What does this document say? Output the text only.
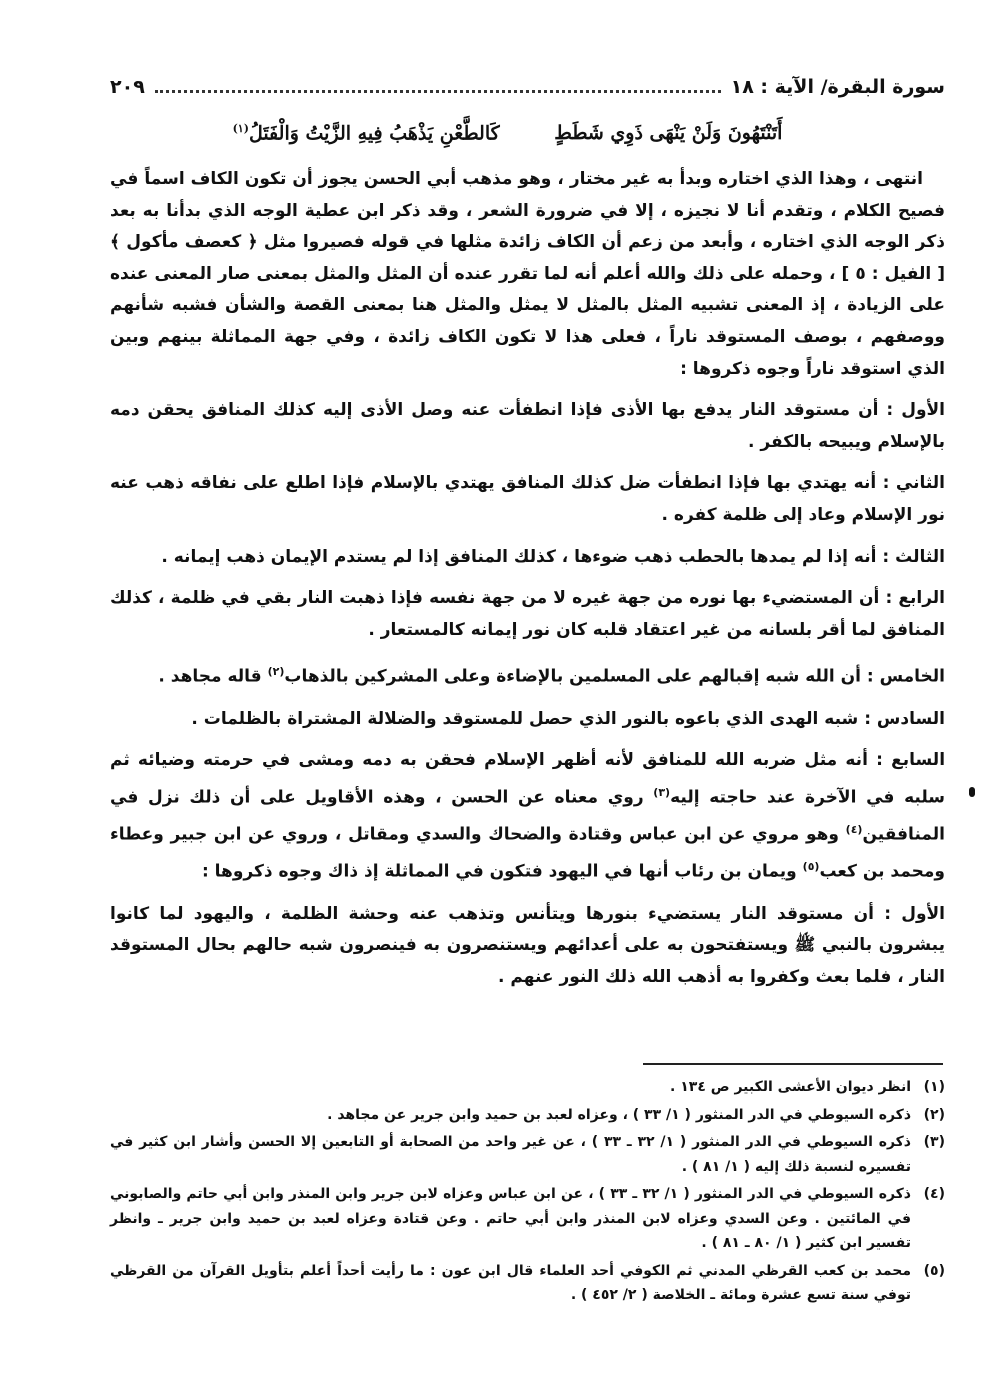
سورة البقرة/ الآية : ١٨
٢٠٩
أَتَنْتَهُونَ وَلَنْ يَنْهَى ذَوِي شَطَطٍ كَالطَّعْنِ يَذْهَبُ فِيهِ الزَّيْتُ وَالْفَتَلُ$^{(١)}$

انتهى ، وهذا الذي اختاره وبدأ به غير مختار ، وهو مذهب أبي الحسن يجوز أن تكون الكاف اسماً في فصيح الكلام ، وتقدم أنا لا نجيزه ، إلا في ضرورة الشعر ، وقد ذكر ابن عطية الوجه الذي بدأنا به بعد ذكر الوجه الذي اختاره ، وأبعد من زعم أن الكاف زائدة مثلها في قوله فصيروا مثل ﴿ كعصف مأكول ﴾ [ الفيل : ٥ ] ، وحمله على ذلك والله أعلم أنه لما تقرر عنده أن المثل والمثل بمعنى صار المعنى عنده على الزيادة ، إذ المعنى تشبيه المثل بالمثل لا يمثل والمثل هنا بمعنى القصة والشأن فشبه شأنهم ووصفهم ، بوصف المستوقد ناراً ، فعلى هذا لا تكون الكاف زائدة ، وفي جهة المماثلة بينهم وبين الذي استوقد ناراً وجوه ذكروها :

الأول : أن مستوقد النار يدفع بها الأذى فإذا انطفأت عنه وصل الأذى إليه كذلك المنافق يحقن دمه بالإسلام ويبيحه بالكفر .

الثاني : أنه يهتدي بها فإذا انطفأت ضل كذلك المنافق يهتدي بالإسلام فإذا اطلع على نفاقه ذهب عنه نور الإسلام وعاد إلى ظلمة كفره .

الثالث : أنه إذا لم يمدها بالحطب ذهب ضوءها ، كذلك المنافق إذا لم يستدم الإيمان ذهب إيمانه .

الرابع : أن المستضيء بها نوره من جهة غيره لا من جهة نفسه فإذا ذهبت النار بقي في ظلمة ، كذلك المنافق لما أقر بلسانه من غير اعتقاد قلبه كان نور إيمانه كالمستعار .

الخامس : أن الله شبه إقبالهم على المسلمين بالإضاءة وعلى المشركين بالذهاب$^{(٢)}$ قاله مجاهد .

السادس : شبه الهدى الذي باعوه بالنور الذي حصل للمستوقد والضلالة المشتراة بالظلمات .

السابع : أنه مثل ضربه الله للمنافق لأنه أظهر الإسلام فحقن به دمه ومشى في حرمته وضيائه ثم سلبه في الآخرة عند حاجته إليه$^{(٣)}$ روي معناه عن الحسن ، وهذه الأقاويل على أن ذلك نزل في المنافقين$^{(٤)}$ وهو مروي عن ابن عباس وقتادة والضحاك والسدي ومقاتل ، وروي عن ابن جبير وعطاء ومحمد بن كعب$^{(٥)}$ ويمان بن رئاب أنها في اليهود فتكون في المماثلة إذ ذاك وجوه ذكروها :

الأول : أن مستوقد النار يستضيء بنورها ويتأنس وتذهب عنه وحشة الظلمة ، واليهود لما كانوا يبشرون بالنبي ﷺ ويستفتحون به على أعدائهم ويستنصرون به فينصرون شبه حالهم بحال المستوقد النار ، فلما بعث وكفروا به أذهب الله ذلك النور عنهم .

(١)
انظر ديوان الأعشى الكبير ص ١٣٤ .
(٢)
ذكره السيوطي في الدر المنثور ( ١/ ٣٣ ) ، وعزاه لعبد بن حميد وابن جرير عن مجاهد .
(٣)
ذكره السيوطي في الدر المنثور ( ١/ ٣٢ ـ ٣٣ ) ، عن غير واحد من الصحابة أو التابعين إلا الحسن وأشار ابن كثير في تفسيره لنسبة ذلك إليه ( ١/ ٨١ ) .
(٤)
ذكره السيوطي في الدر المنثور ( ١/ ٣٢ ـ ٣٣ ) ، عن ابن عباس وعزاه لابن جرير وابن المنذر وابن أبي حاتم والصابوني في المائتين . وعن السدي وعزاه لابن المنذر وابن أبي حاتم . وعن قتادة وعزاه لعبد بن حميد وابن جرير ـ وانظر تفسير ابن كثير ( ١/ ٨٠ ـ ٨١ ) .
(٥)
محمد بن كعب القرظي المدني ثم الكوفي أحد العلماء قال ابن عون : ما رأيت أحداً أعلم بتأويل القرآن من القرظي توفي سنة تسع عشرة ومائة ـ الخلاصة ( ٢/ ٤٥٢ ) .
